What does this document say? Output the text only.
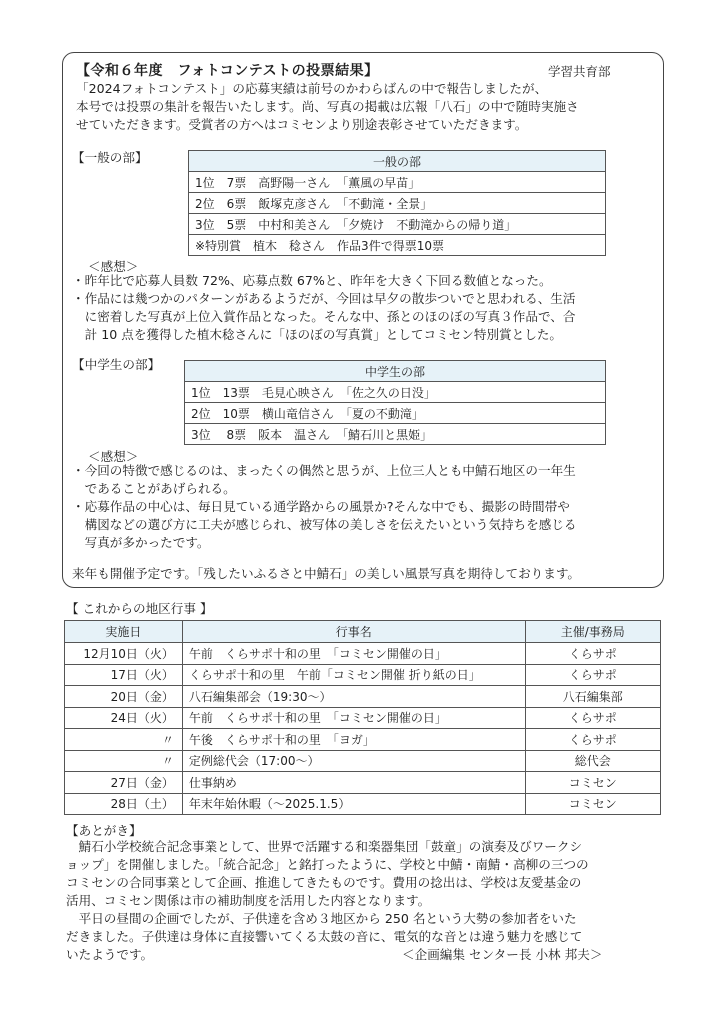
【令和６年度　フォトコンテストの投票結果】	学習共育部
「2024フォトコンテスト」の応募実績は前号のかわらばんの中で報告しましたが、
本号では投票の集計を報告いたします。尚、写真の掲載は広報「八石」の中で随時実施さ
せていただきます。受賞者の方へはコミセンより別途表彰させていただきます。
【一般の部】	一般の部
1位　7票　高野陽一さん　「薫風の早苗」
2位　6票　飯塚克彦さん　「不動滝・全景」
3位　5票　中村和美さん　「夕焼け　不動滝からの帰り道」
※特別賞　植木　稔さん　作品3件で得票10票
＜感想＞
・昨年比で応募人員数 72%、応募点数 67%と、昨年を大きく下回る数値となった。
・作品には幾つかのパターンがあるようだが、今回は早夕の散歩ついでと思われる、生活
　に密着した写真が上位入賞作品となった。そんな中、孫とのほのぼの写真３作品で、合
　計 10 点を獲得した植木稔さんに「ほのぼの写真賞」としてコミセン特別賞とした。
【中学生の部】	中学生の部
1位　13票　毛見心映さん　「佐之久の日没」
2位　10票　横山竜信さん　「夏の不動滝」
3位　 8票　阪本　温さん　「鯖石川と黒姫」
＜感想＞
・今回の特徴で感じるのは、まったくの偶然と思うが、上位三人とも中鯖石地区の一年生
　であることがあげられる。
・応募作品の中心は、毎日見ている通学路からの風景か?そんな中でも、撮影の時間帯や
　構図などの選び方に工夫が感じられ、被写体の美しさを伝えたいという気持ちを感じる
　写真が多かったです。
来年も開催予定です。「残したいふるさと中鯖石」の美しい風景写真を期待しております。
【 これからの地区行事 】
実施日	行事名	主催/事務局
12月10日（火）	午前　くらサポ十和の里　「コミセン開催の日」	くらサポ
17日（火）	くらサポ十和の里　午前「コミセン開催 折り紙の日」	くらサポ
20日（金）	八石編集部会（19:30～）	八石編集部
24日（火）	午前　くらサポ十和の里　「コミセン開催の日」	くらサポ
〃	午後　くらサポ十和の里　「ヨガ」	くらサポ
〃	定例総代会（17:00～）	総代会
27日（金）	仕事納め	コミセン
28日（土）	年末年始休暇（～2025.1.5）	コミセン
【あとがき】
　鯖石小学校統合記念事業として、世界で活躍する和楽器集団「鼓童」の演奏及びワークシ
ョップ」を開催しました。「統合記念」と銘打ったように、学校と中鯖・南鯖・高柳の三つの
コミセンの合同事業として企画、推進してきたものです。費用の捻出は、学校は友愛基金の
活用、コミセン関係は市の補助制度を活用した内容となります。
　平日の昼間の企画でしたが、子供達を含め３地区から 250 名という大勢の参加者をいた
だきました。子供達は身体に直接響いてくる太鼓の音に、電気的な音とは違う魅力を感じて
いたようです。	＜企画編集 センター長 小林 邦夫＞
